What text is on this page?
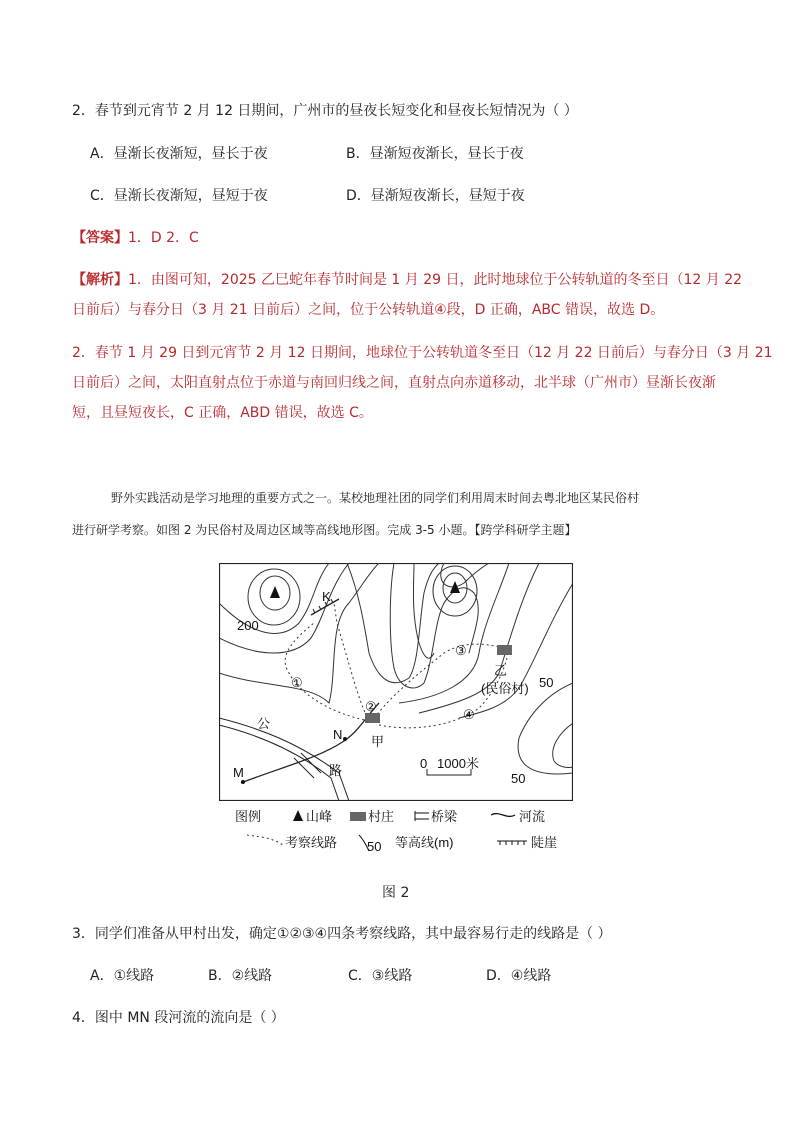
2．春节到元宵节 2 月 12 日期间，广州市的昼夜长短变化和昼夜长短情况为（ ）
A．昼渐长夜渐短，昼长于夜	B．昼渐短夜渐长，昼长于夜
C．昼渐长夜渐短，昼短于夜	D．昼渐短夜渐长，昼短于夜
【答案】1．D 2．C
【解析】1．由图可知，2025 乙巳蛇年春节时间是 1 月 29 日，此时地球位于公转轨道的冬至日（12 月 22
日前后）与春分日（3 月 21 日前后）之间，位于公转轨道④段，D 正确，ABC 错误，故选 D。
2．春节 1 月 29 日到元宵节 2 月 12 日期间，地球位于公转轨道冬至日（12 月 22 日前后）与春分日（3 月 21
日前后）之间，太阳直射点位于赤道与南回归线之间，直射点向赤道移动，北半球（广州市）昼渐长夜渐
短，且昼短夜长，C 正确，ABD 错误，故选 C。
野外实践活动是学习地理的重要方式之一。某校地理社团的同学们利用周末时间去粤北地区某民俗村
进行研学考察。如图 2 为民俗村及周边区域等高线地形图。完成 3-5 小题。【跨学科研学主题】
200
50
50
K
N
M
甲
乙
(民俗村)
公
路
①
②
③
④
0 1000米
图例	山峰	村庄	桥梁	河流
考察线路 50 等高线(m)	陡崖
图 2
3．同学们准备从甲村出发，确定①②③④四条考察线路，其中最容易行走的线路是（ ）
A．①线路	B．②线路	C．③线路	D．④线路
4．图中 MN 段河流的流向是（ ）
